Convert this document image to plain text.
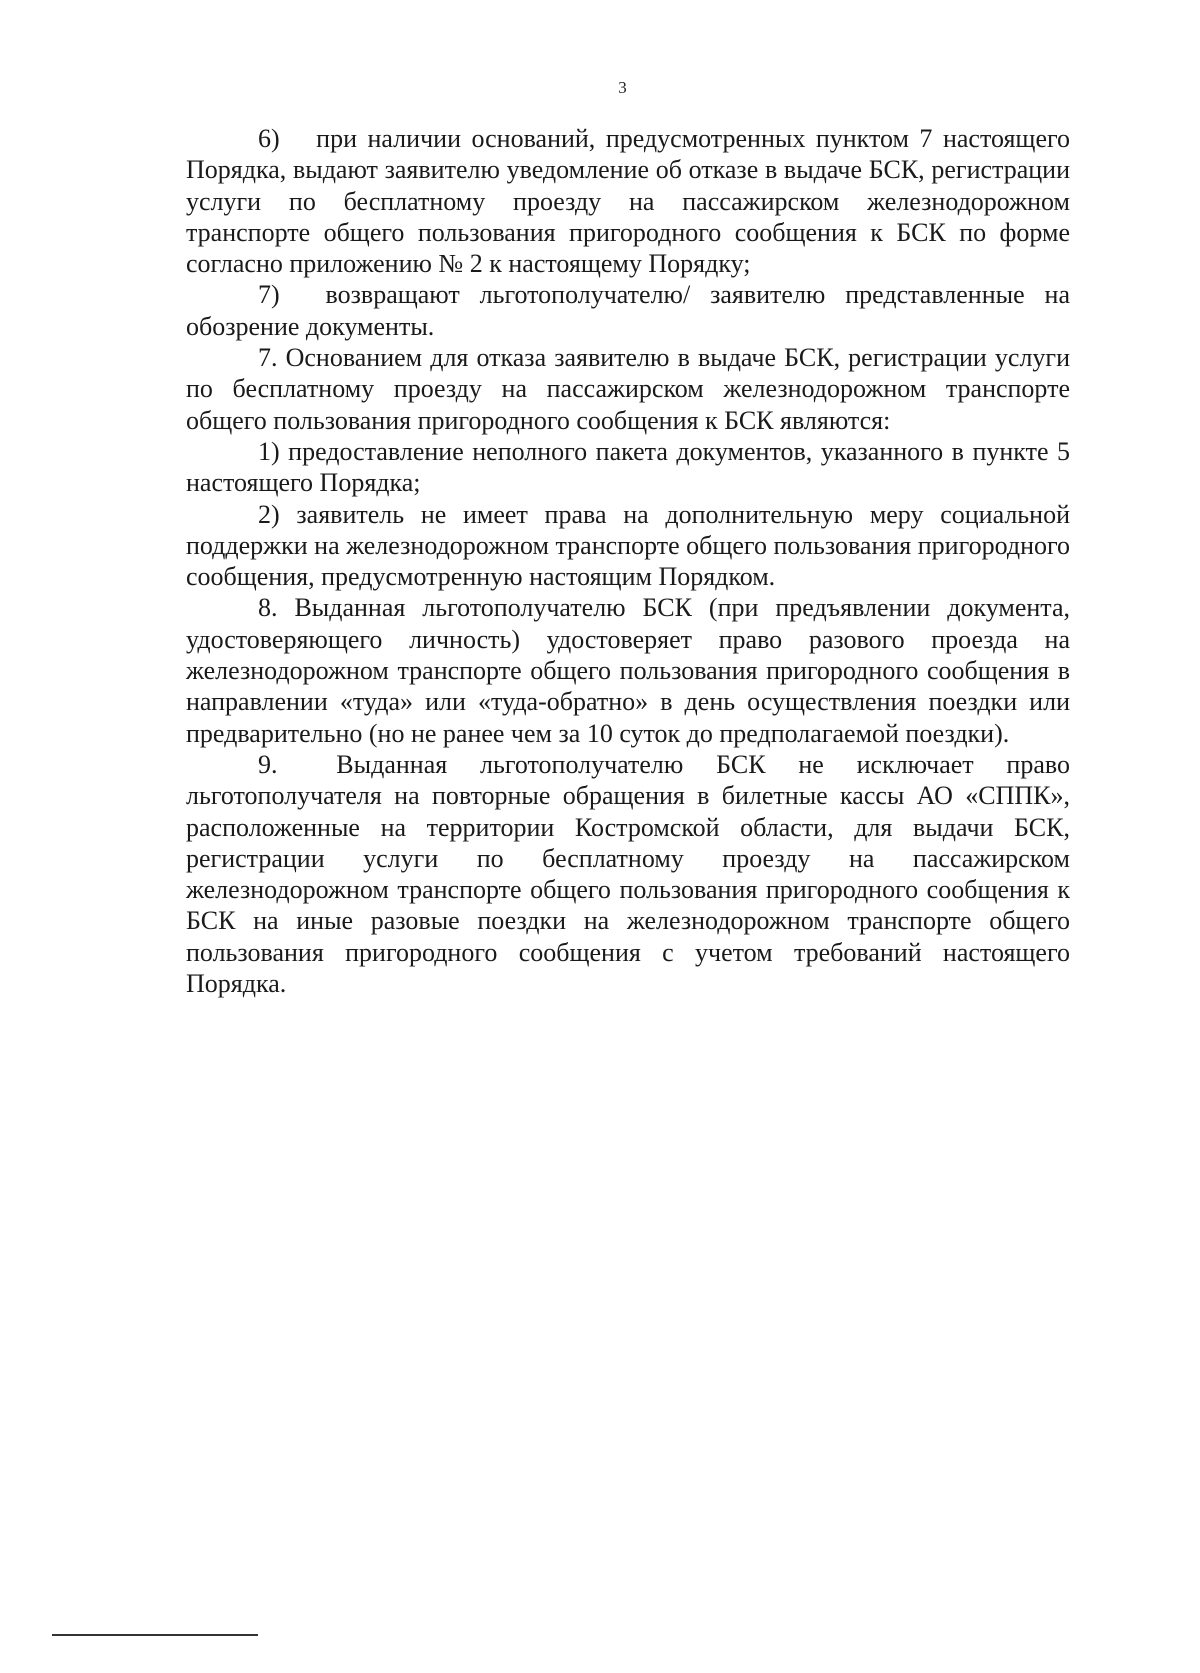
3

6)  при наличии оснований, предусмотренных пунктом 7 настоящего Порядка, выдают заявителю уведомление об отказе в выдаче БСК, регистрации услуги по бесплатному проезду на пассажирском железнодорожном транспорте общего пользования пригородного сообщения к БСК по форме согласно приложению № 2 к настоящему Порядку;

7)  возвращают льготополучателю/ заявителю представленные на обозрение документы.

7. Основанием для отказа заявителю в выдаче БСК, регистрации услуги по бесплатному проезду на пассажирском железнодорожном транспорте общего пользования пригородного сообщения к БСК являются:

1) предоставление неполного пакета документов, указанного в пункте 5 настоящего Порядка;

2) заявитель не имеет права на дополнительную меру социальной поддержки на железнодорожном транспорте общего пользования пригородного сообщения, предусмотренную настоящим Порядком.

8. Выданная льготополучателю БСК (при предъявлении документа, удостоверяющего личность) удостоверяет право разового проезда на железнодорожном транспорте общего пользования пригородного сообщения в направлении «туда» или «туда-обратно» в день осуществления поездки или предварительно (но не ранее чем за 10 суток до предполагаемой поездки).

9.  Выданная льготополучателю БСК не исключает право льготополучателя на повторные обращения в билетные кассы АО «СППК», расположенные на территории Костромской области, для выдачи БСК, регистрации услуги по бесплатному проезду на пассажирском железнодорожном транспорте общего пользования пригородного сообщения к БСК на иные разовые поездки на железнодорожном транспорте общего пользования пригородного сообщения с учетом требований настоящего Порядка.
